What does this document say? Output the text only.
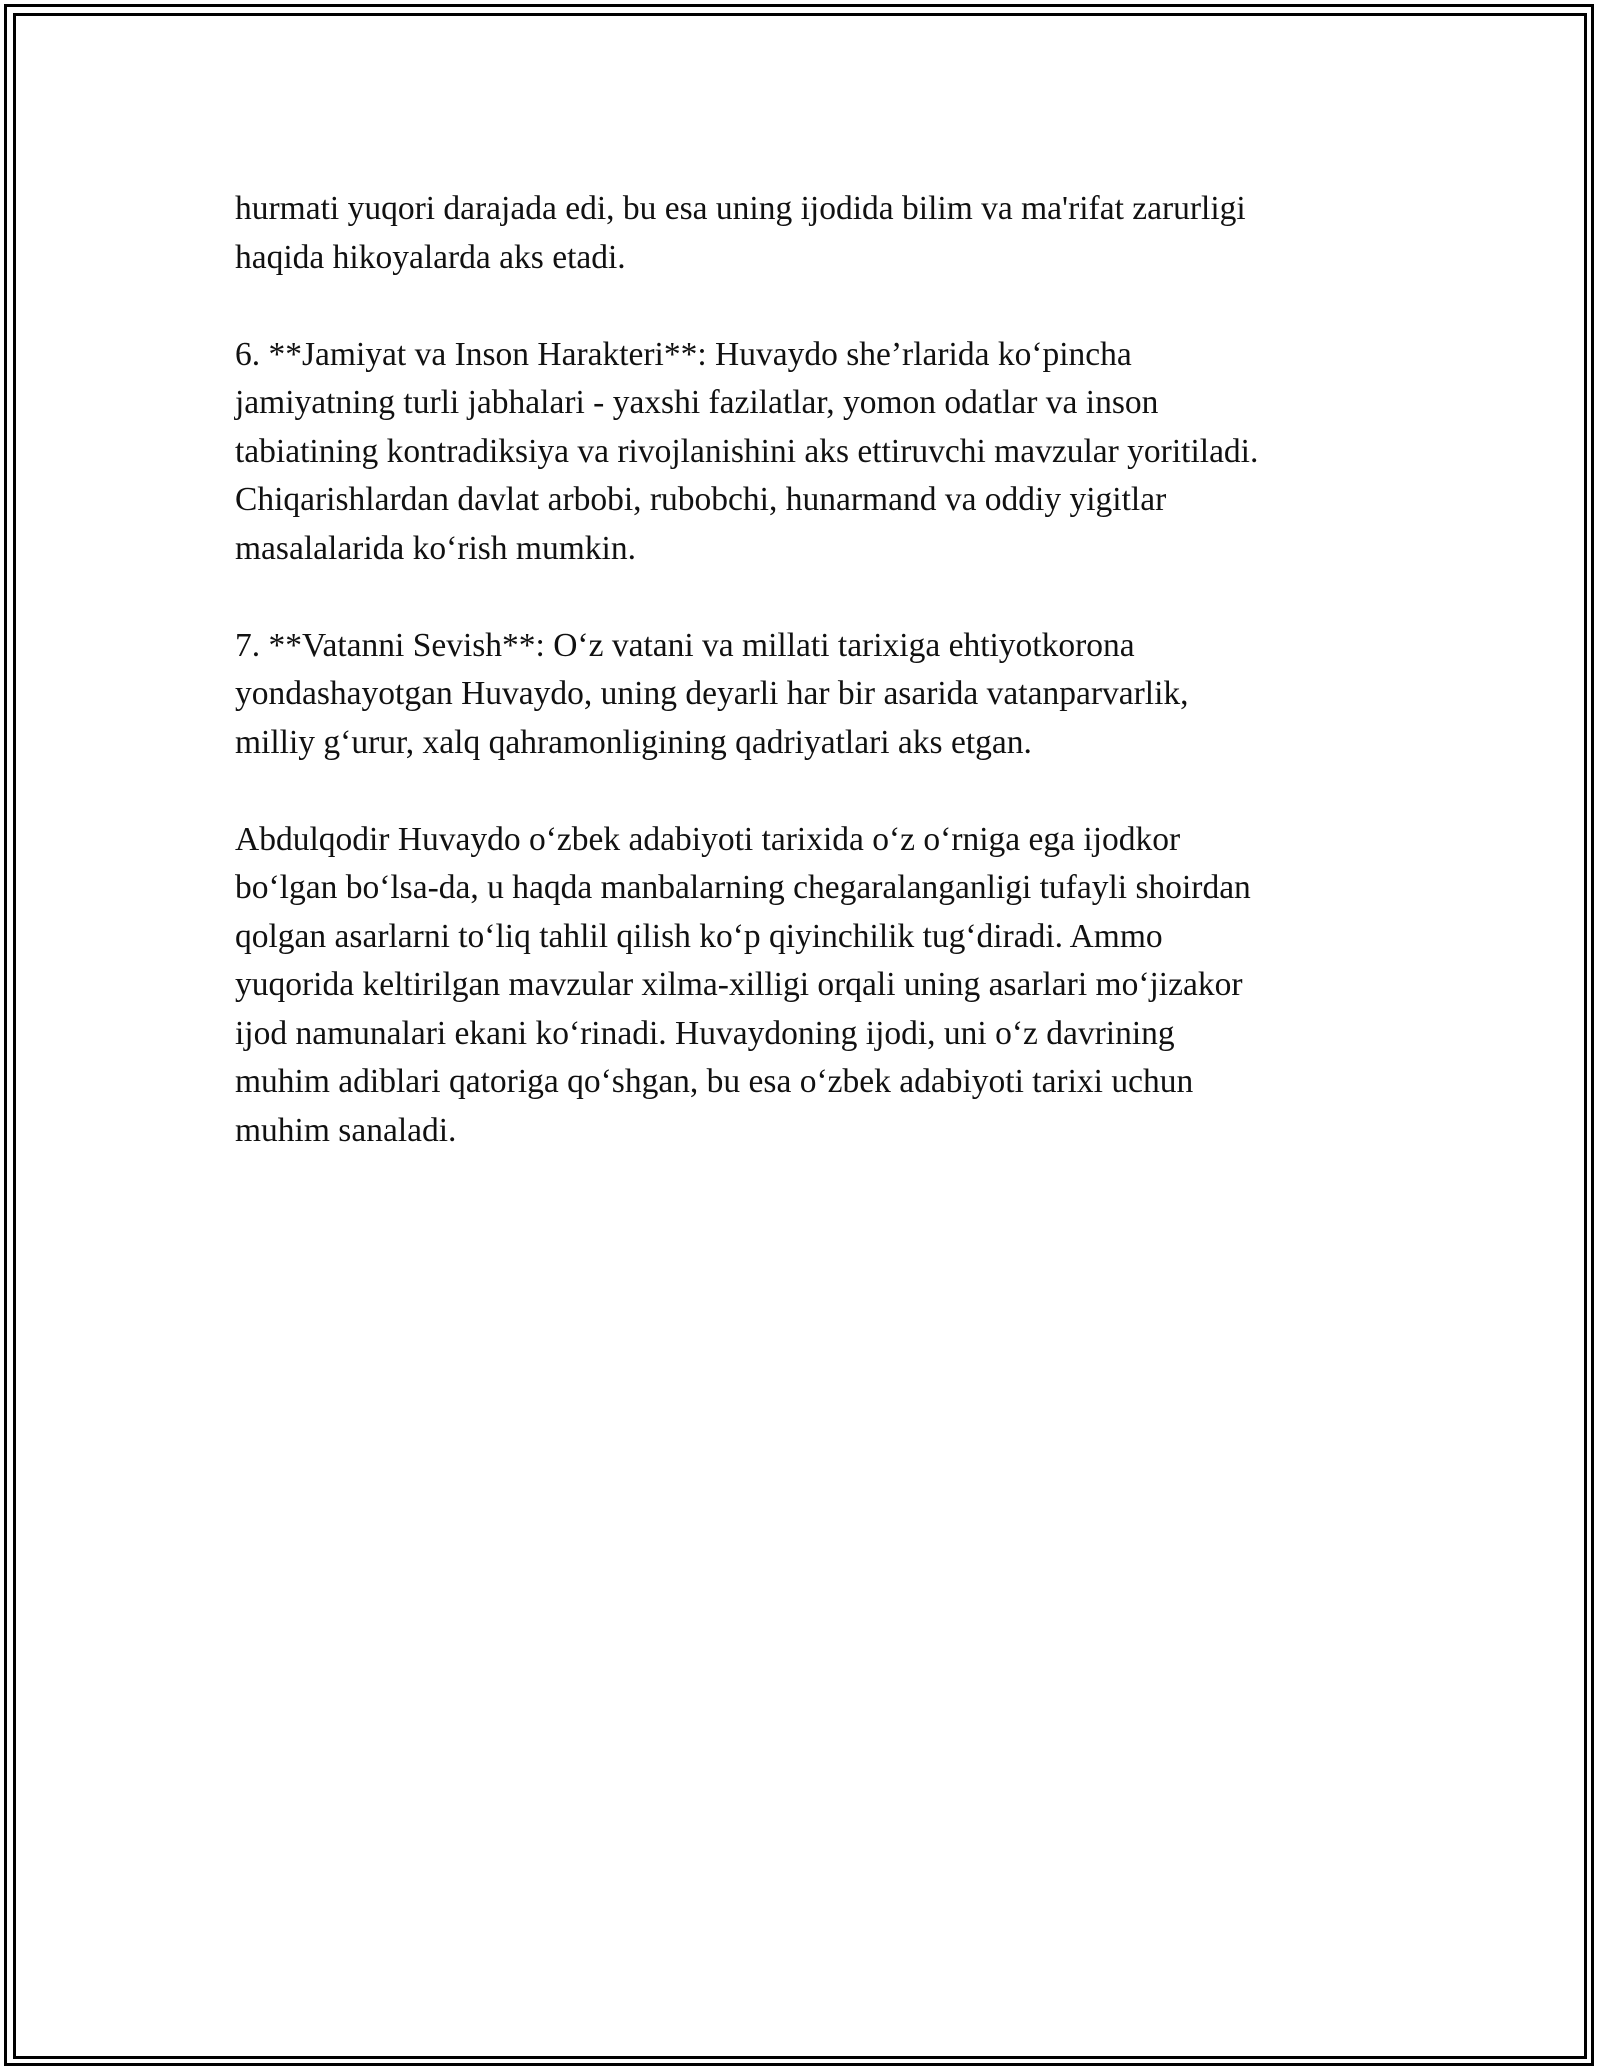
hurmati yuqori darajada edi, bu esa uning ijodida bilim va ma'rifat zarurligi
haqida hikoyalarda aks etadi.

6. **Jamiyat va Inson Harakteri**: Huvaydo she’rlarida ko‘pincha
jamiyatning turli jabhalari - yaxshi fazilatlar, yomon odatlar va inson
tabiatining kontradiksiya va rivojlanishini aks ettiruvchi mavzular yoritiladi.
Chiqarishlardan davlat arbobi, rubobchi, hunarmand va oddiy yigitlar
masalalarida ko‘rish mumkin.

7. **Vatanni Sevish**: O‘z vatani va millati tarixiga ehtiyotkorona
yondashayotgan Huvaydo, uning deyarli har bir asarida vatanparvarlik,
milliy g‘urur, xalq qahramonligining qadriyatlari aks etgan.

Abdulqodir Huvaydo o‘zbek adabiyoti tarixida o‘z o‘rniga ega ijodkor
bo‘lgan bo‘lsa-da, u haqda manbalarning chegaralanganligi tufayli shoirdan
qolgan asarlarni to‘liq tahlil qilish ko‘p qiyinchilik tug‘diradi. Ammo
yuqorida keltirilgan mavzular xilma-xilligi orqali uning asarlari mo‘jizakor
ijod namunalari ekani ko‘rinadi. Huvaydoning ijodi, uni o‘z davrining
muhim adiblari qatoriga qo‘shgan, bu esa o‘zbek adabiyoti tarixi uchun
muhim sanaladi.
